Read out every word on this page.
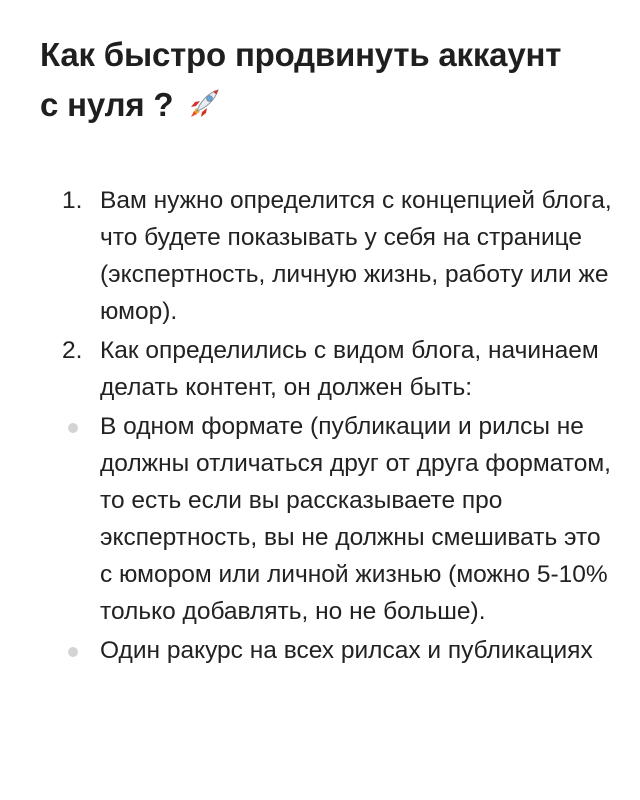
Как быстро продвинуть аккаунт
с нуля ?
1. Вам нужно определится с концепцией блога, что будете показывать у себя на странице (экспертность, личную жизнь, работу или же юмор).
2. Как определились с видом блога, начинаем делать контент, он должен быть:
В одном формате (публикации и рилсы не должны отличаться друг от друга форматом, то есть если вы рассказываете про экспертность, вы не должны смешивать это с юмором или личной жизнью (можно 5-10% только добавлять, но не больше).
Один ракурс на всех рилсах и публикациях
